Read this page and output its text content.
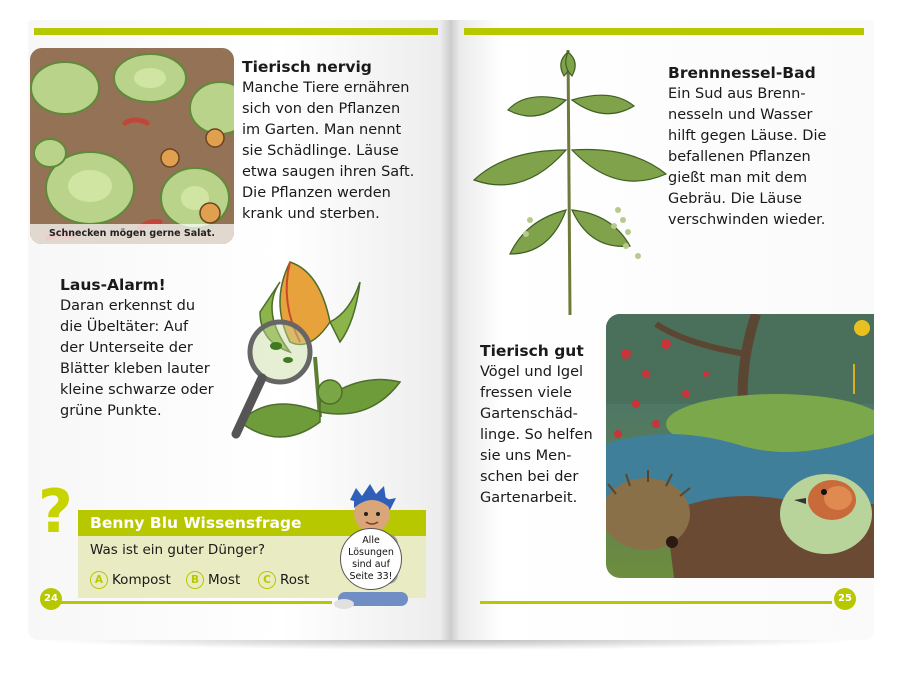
Schnecken mögen gerne Salat.
Tierisch nervig
Manche Tiere ernähren
sich von den Pflanzen
im Garten. Man nennt
sie Schädlinge. Läuse
etwa saugen ihren Saft.
Die Pflanzen werden
krank und sterben.
Laus-Alarm!
Daran erkennst du
die Übeltäter: Auf
der Unterseite der
Blätter kleben lauter
kleine schwarze oder
grüne Punkte.
? Benny Blu Wissensfrage
Was ist ein guter Dünger?
A Kompost	B Most	C Rost
Alle
Lösungen
sind auf
Seite 33!
24
Brennnessel-Bad
Ein Sud aus Brenn-
nesseln und Wasser
hilft gegen Läuse. Die
befallenen Pflanzen
gießt man mit dem
Gebräu. Die Läuse
verschwinden wieder.
Tierisch gut
Vögel und Igel
fressen viele
Gartenschäd-
linge. So helfen
sie uns Men-
schen bei der
Gartenarbeit.
25
